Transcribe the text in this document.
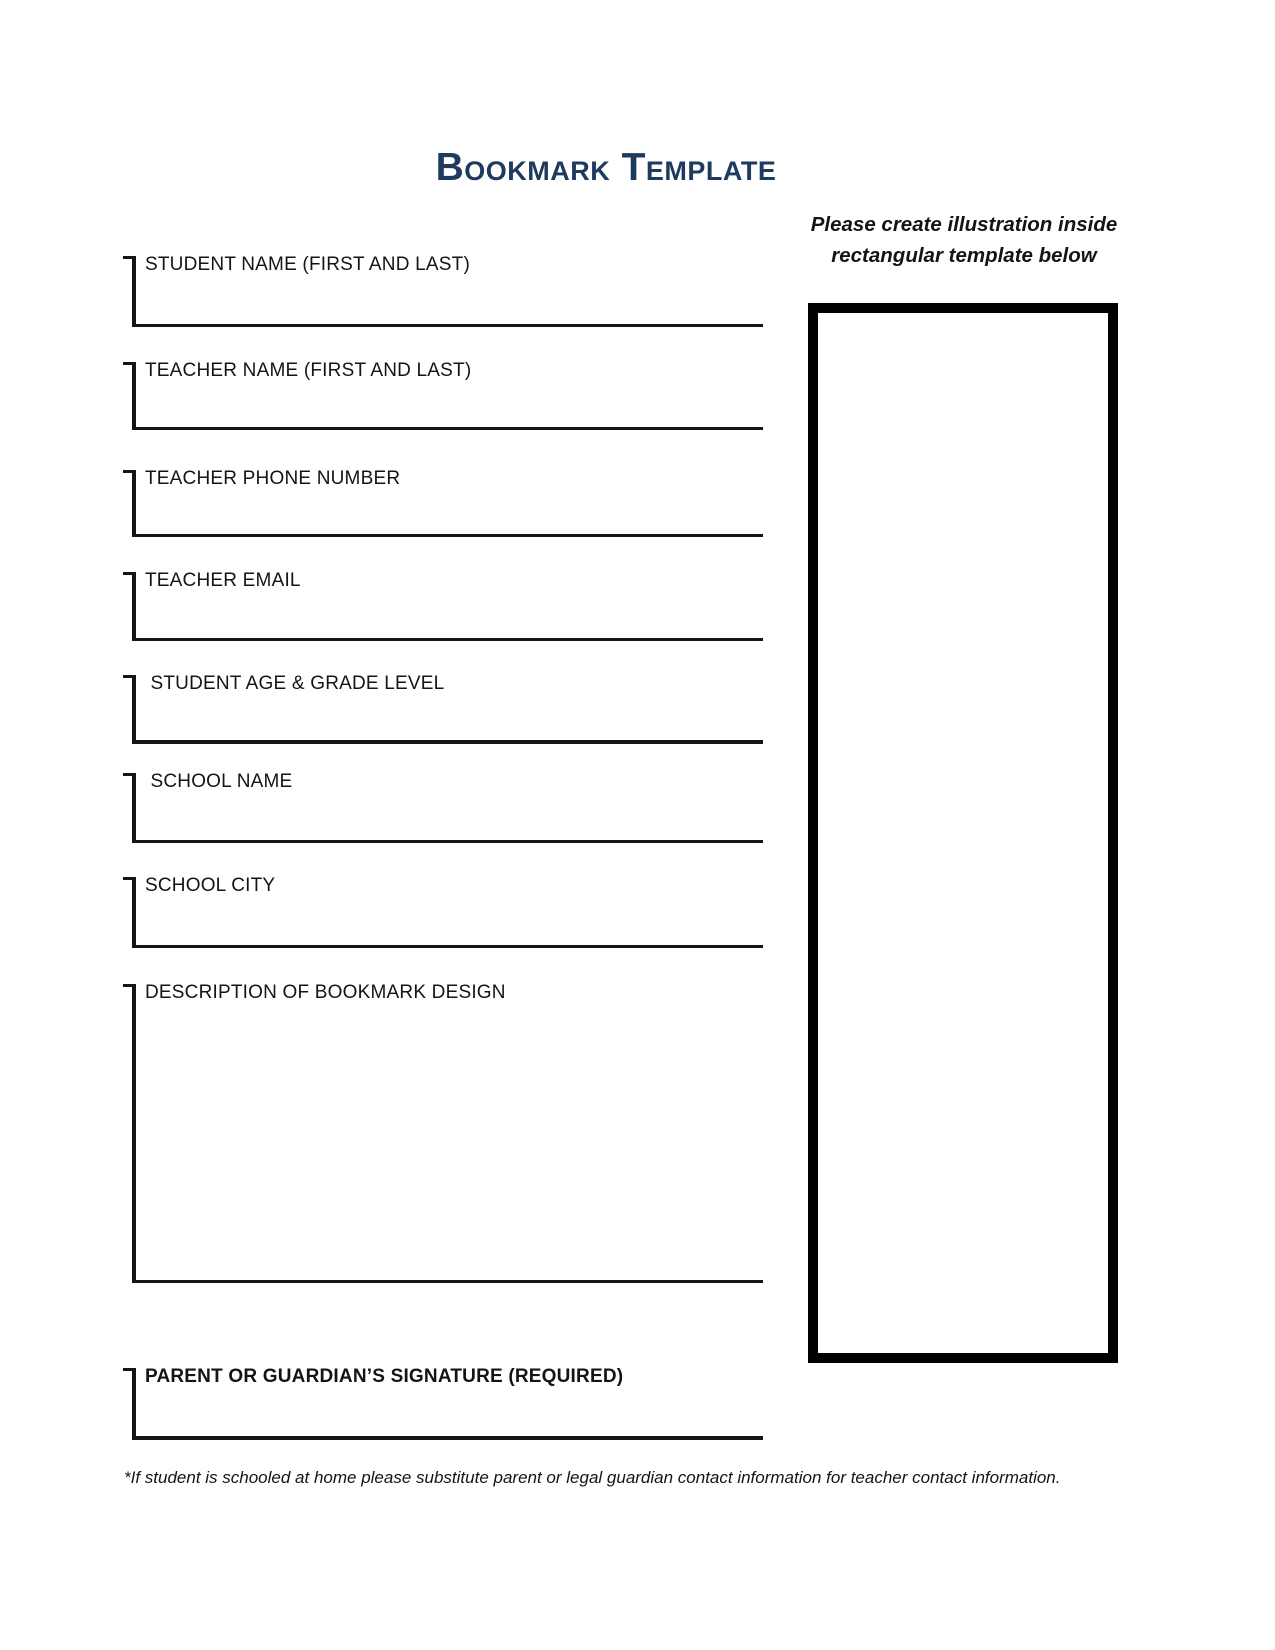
Bookmark Template
Please create illustration inside
rectangular template below
STUDENT NAME (FIRST AND LAST)
TEACHER NAME (FIRST AND LAST)
TEACHER PHONE NUMBER
TEACHER EMAIL
STUDENT AGE & GRADE LEVEL
SCHOOL NAME
SCHOOL CITY
DESCRIPTION OF BOOKMARK DESIGN
PARENT OR GUARDIAN’S SIGNATURE (REQUIRED)
*If student is schooled at home please substitute parent or legal guardian contact information for teacher contact information.
